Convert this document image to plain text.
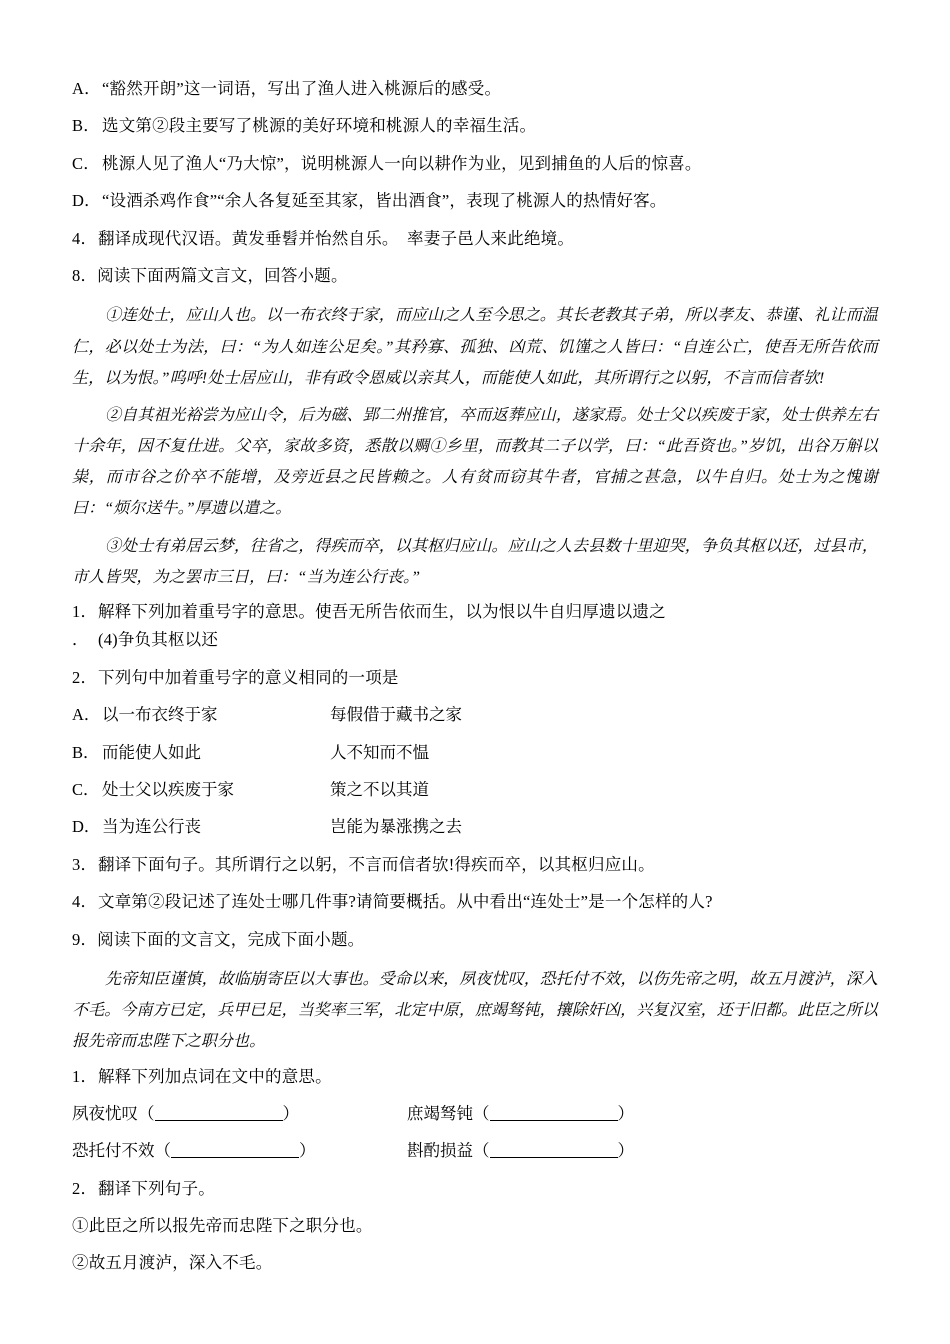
A．“豁然开朗”这一词语，写出了渔人进入桃源后的感受。

B． 选文第②段主要写了桃源的美好环境和桃源人的幸福生活。

C． 桃源人见了渔人“乃大惊”，说明桃源人一向以耕作为业，见到捕鱼的人后的惊喜。

D．“设酒杀鸡作食”“余人各复延至其家，皆出酒食”，表现了桃源人的热情好客。

4．翻译成现代汉语。黄发垂髫并怡然自乐。　率妻子邑人来此绝境。

8．阅读下面两篇文言文，回答小题。

①连处士，应山人也。以一布衣终于家，而应山之人至今思之。其长老教其子弟，所以孝友、恭谨、礼让而温仁，必以处士为法，曰：“为人如连公足矣。”其矜寡、孤独、凶荒、饥馑之人皆曰：“自连公亡，使吾无所告依而生，以为恨。”呜呼!处士居应山，非有政令恩威以亲其人，而能使人如此，其所谓行之以躬，不言而信者欤!

②自其祖光裕尝为应山令，后为磁、郢二州推官，卒而返葬应山，遂家焉。处士父以疾废于家，处士供养左右十余年，因不复仕进。父卒，家故多资，悉散以赒①乡里，而教其二子以学，曰：“此吾资也。”岁饥，出谷万斛以粜，而市谷之价卒不能增，及旁近县之民皆赖之。人有贫而窃其牛者，官捕之甚急，以牛自归。处士为之愧谢曰：“烦尔送牛。”厚遗以遣之。

③处士有弟居云梦，往省之，得疾而卒，以其枢归应山。应山之人去县数十里迎哭，争负其枢以还，过县市，市人皆哭，为之罢市三日，曰：“当为连公行丧。”

1．解释下列加着重号字的意思。使吾无所告依而生，以为恨以牛自归厚遗以遗之

． (4)争负其枢以还

2．下列句中加着重号字的意义相同的一项是

A． 以一布衣终于家	每假借于藏书之家
B． 而能使人如此	人不知而不愠
C． 处士父以疾废于家	策之不以其道
D． 当为连公行丧	岂能为暴涨携之去

3．翻译下面句子。其所谓行之以躬，不言而信者欤!得疾而卒，以其枢归应山。

4．文章第②段记述了连处士哪几件事?请简要概括。从中看出“连处士”是一个怎样的人?

9．阅读下面的文言文，完成下面小题。

先帝知臣谨慎，故临崩寄臣以大事也。受命以来，夙夜忧叹，恐托付不效，以伤先帝之明，故五月渡泸，深入不毛。今南方已定，兵甲已足，当奖率三军，北定中原，庶竭驽钝，攘除奸凶，兴复汉室，还于旧都。此臣之所以报先帝而忠陛下之职分也。

1．解释下列加点词在文中的意思。

夙夜忧叹（	）	庶竭驽钝（	）
恐托付不效（	）	斟酌损益（	）

2．翻译下列句子。

①此臣之所以报先帝而忠陛下之职分也。

②故五月渡泸，深入不毛。
